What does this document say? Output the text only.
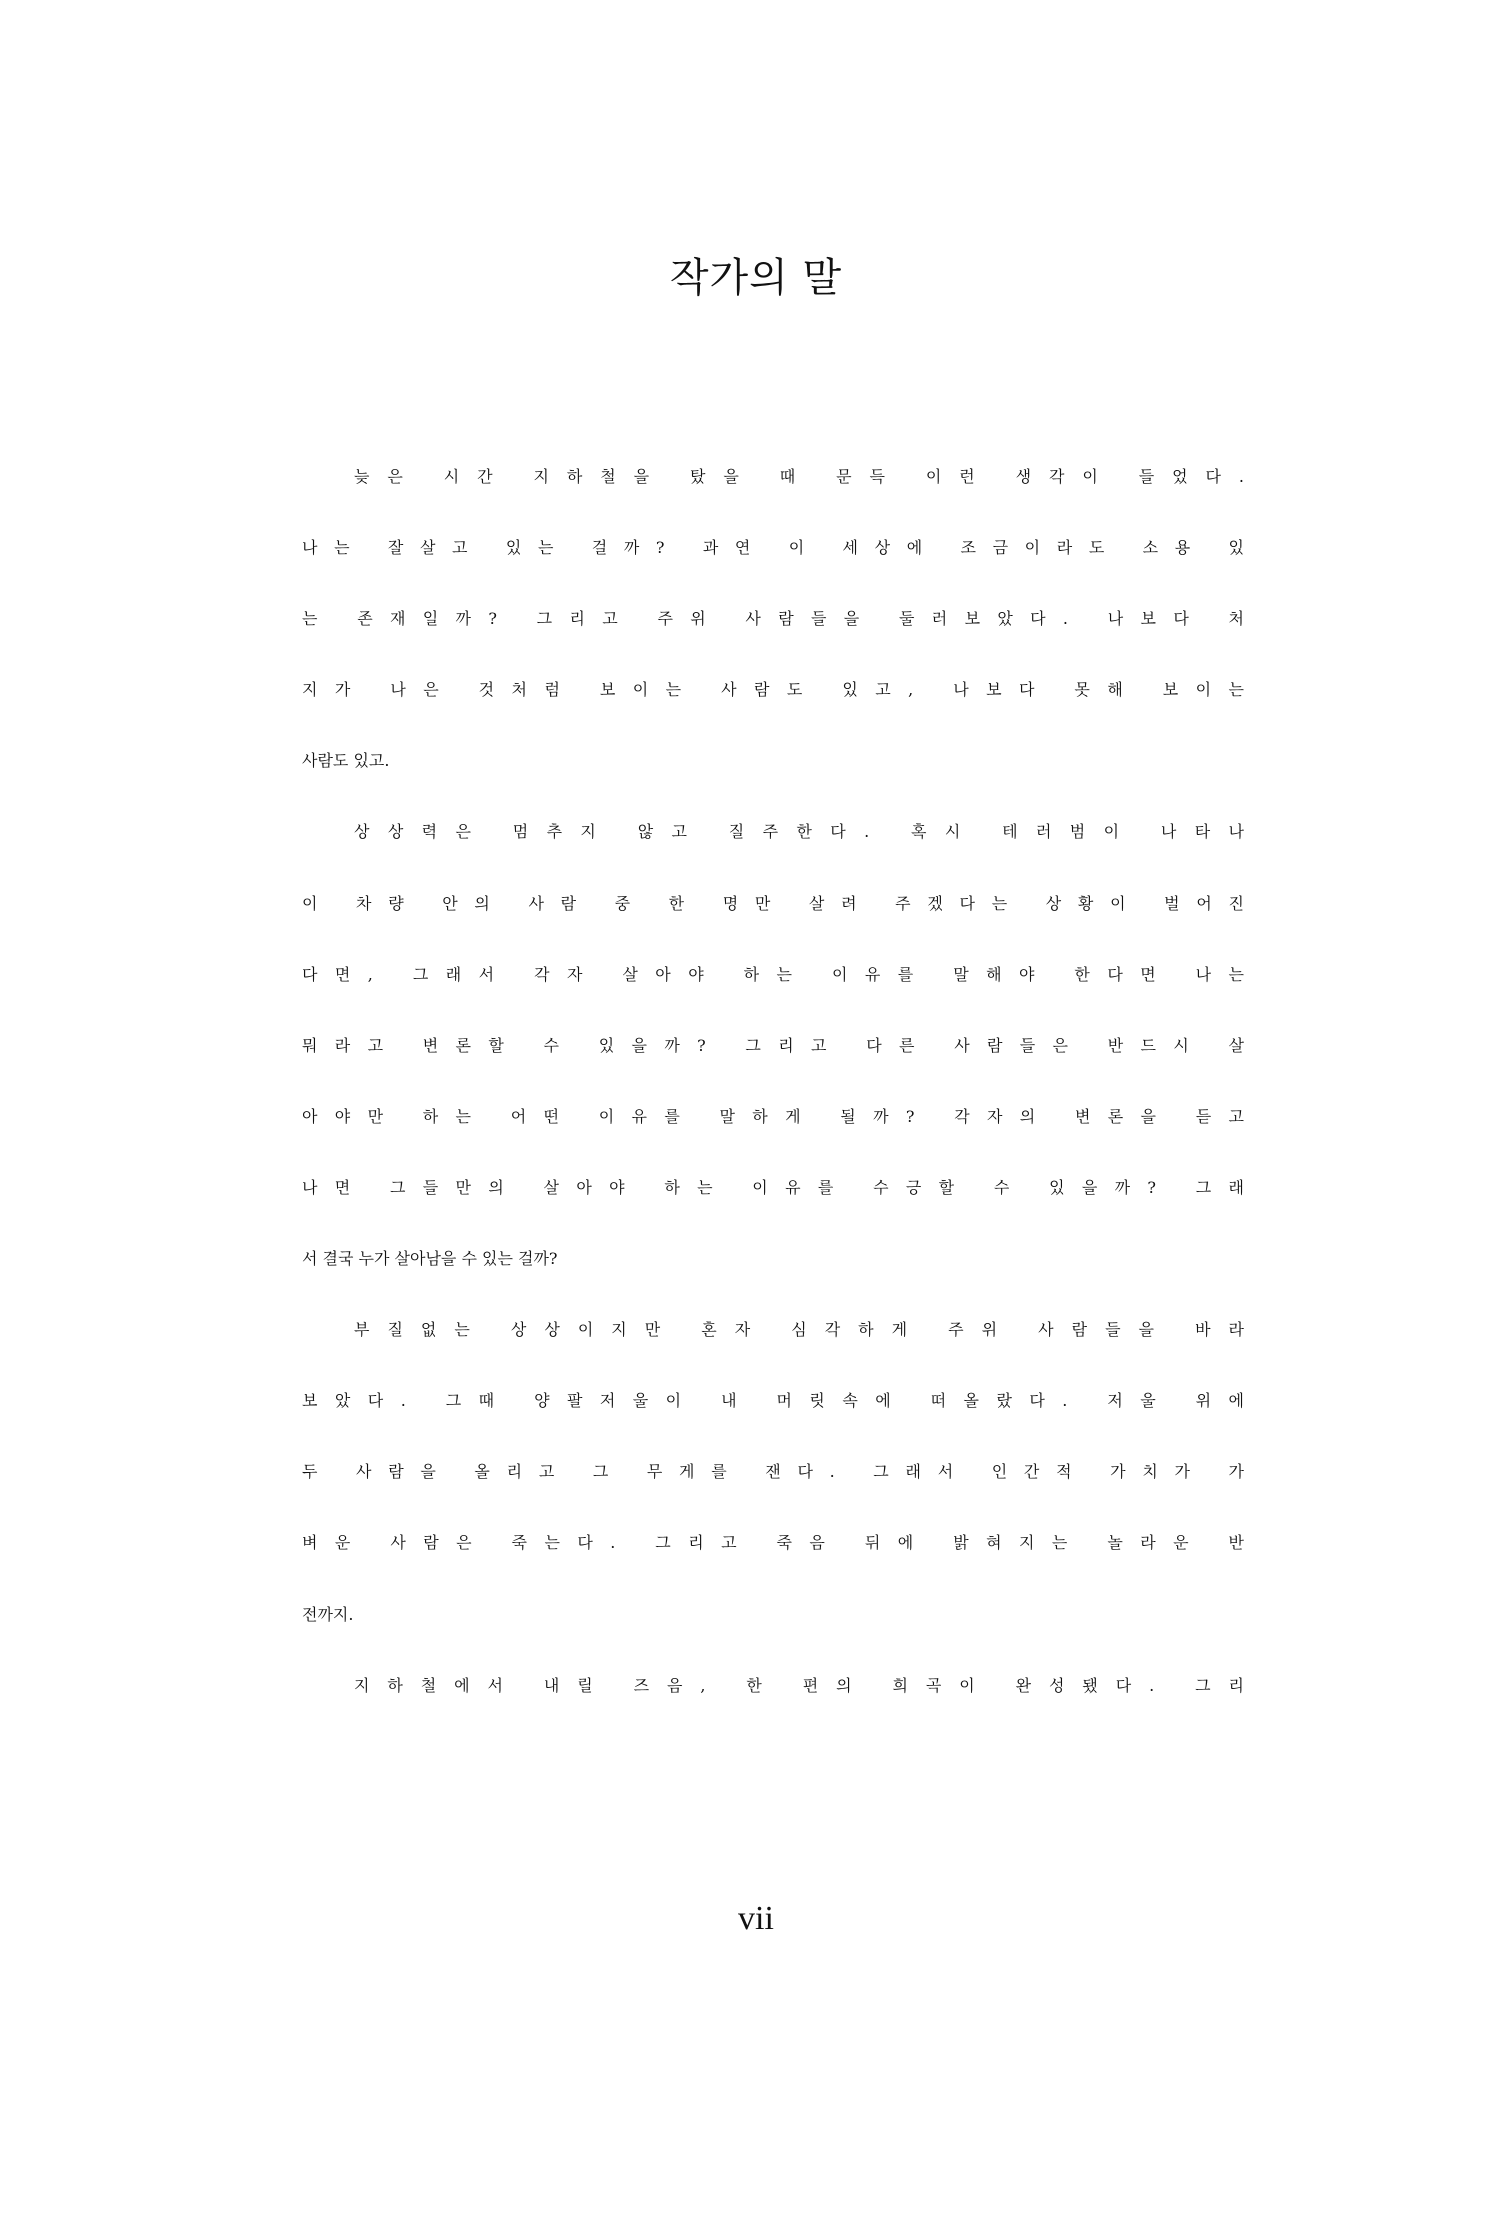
작가의 말
늦은 시간 지하철을 탔을 때 문득 이런 생각이 들었다.
나는 잘살고 있는 걸까? 과연 이 세상에 조금이라도 소용 있
는 존재일까? 그리고 주위 사람들을 둘러보았다. 나보다 처
지가 나은 것처럼 보이는 사람도 있고, 나보다 못해 보이는
사람도 있고.
상상력은 멈추지 않고 질주한다. 혹시 테러범이 나타나
이 차량 안의 사람 중 한 명만 살려 주겠다는 상황이 벌어진
다면, 그래서 각자 살아야 하는 이유를 말해야 한다면 나는
뭐라고 변론할 수 있을까? 그리고 다른 사람들은 반드시 살
아야만 하는 어떤 이유를 말하게 될까? 각자의 변론을 듣고
나면 그들만의 살아야 하는 이유를 수긍할 수 있을까? 그래
서 결국 누가 살아남을 수 있는 걸까?
부질없는 상상이지만 혼자 심각하게 주위 사람들을 바라
보았다. 그때 양팔저울이 내 머릿속에 떠올랐다. 저울 위에
두 사람을 올리고 그 무게를 잰다. 그래서 인간적 가치가 가
벼운 사람은 죽는다. 그리고 죽음 뒤에 밝혀지는 놀라운 반
전까지.
지하철에서 내릴 즈음, 한 편의 희곡이 완성됐다. 그리
vii
